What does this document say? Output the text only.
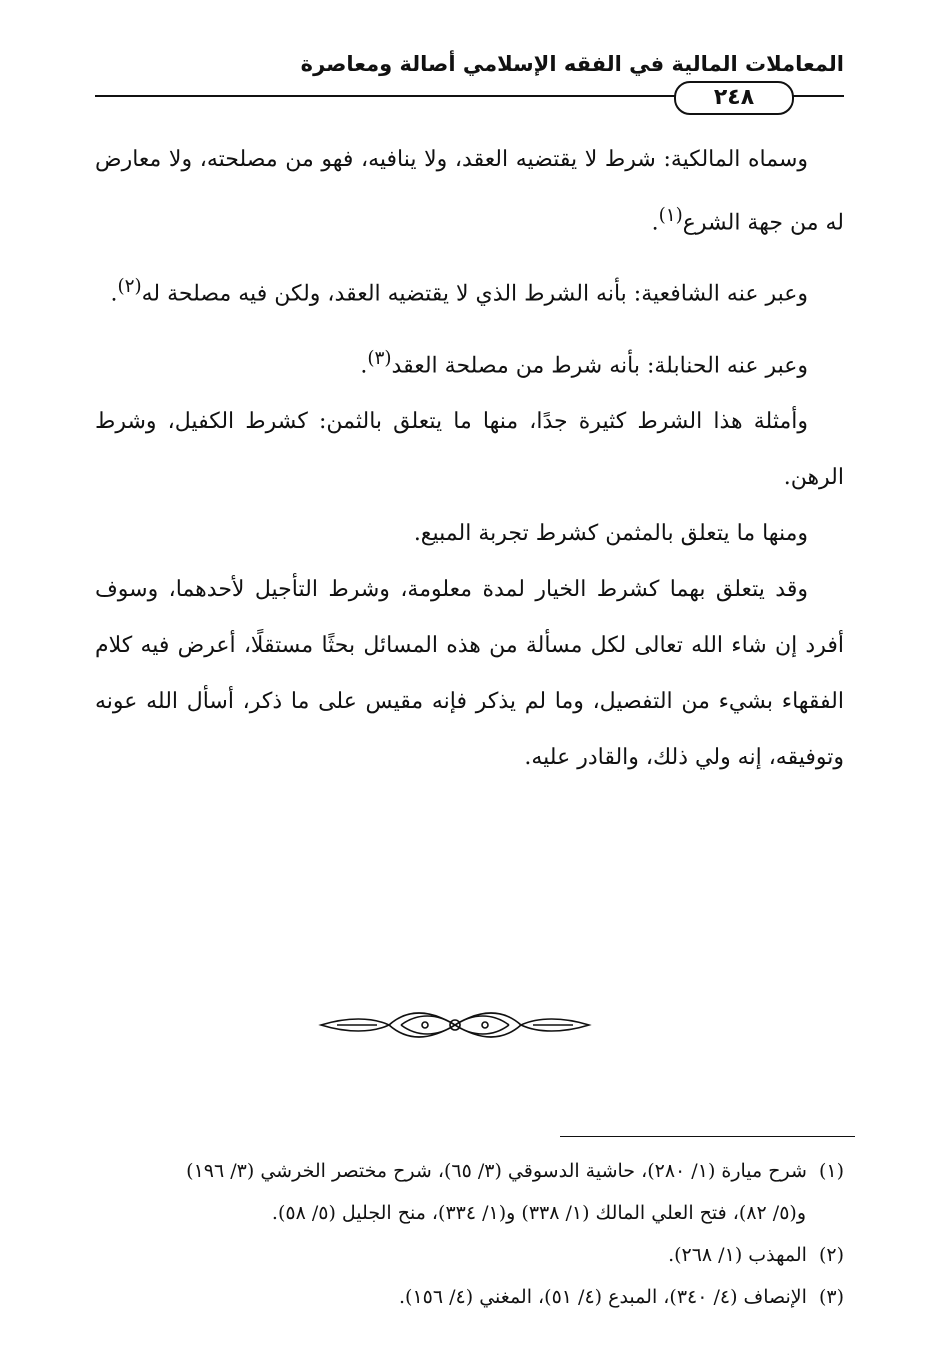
المعاملات المالية في الفقه الإسلامي أصالة ومعاصرة
٢٤٨

وسماه المالكية: شرط لا يقتضيه العقد، ولا ينافيه، فهو من مصلحته، ولا معارض له من جهة الشرع$^{(١)}$.

وعبر عنه الشافعية: بأنه الشرط الذي لا يقتضيه العقد، ولكن فيه مصلحة له$^{(٢)}$.

وعبر عنه الحنابلة: بأنه شرط من مصلحة العقد$^{(٣)}$.

وأمثلة هذا الشرط كثيرة جدًا، منها ما يتعلق بالثمن: كشرط الكفيل، وشرط الرهن.

ومنها ما يتعلق بالمثمن كشرط تجربة المبيع.

وقد يتعلق بهما كشرط الخيار لمدة معلومة، وشرط التأجيل لأحدهما، وسوف أفرد إن شاء الله تعالى لكل مسألة من هذه المسائل بحثًا مستقلًا، أعرض فيه كلام الفقهاء بشيء من التفصيل، وما لم يذكر فإنه مقيس على ما ذكر، أسأل الله عونه وتوفيقه، إنه ولي ذلك، والقادر عليه.

(١)شرح ميارة (١/ ٢٨٠)، حاشية الدسوقي (٣/ ٦٥)، شرح مختصر الخرشي (٣/ ١٩٦)
و(٥/ ٨٢)، فتح العلي المالك (١/ ٣٣٨) و(١/ ٣٣٤)، منح الجليل (٥/ ٥٨).

(٢)المهذب (١/ ٢٦٨).

(٣)الإنصاف (٤/ ٣٤٠)، المبدع (٤/ ٥١)، المغني (٤/ ١٥٦).
